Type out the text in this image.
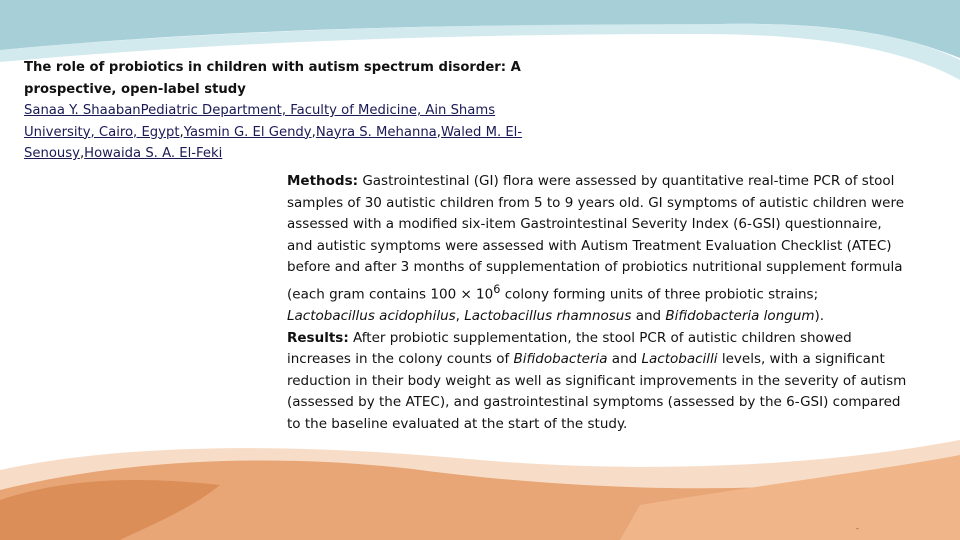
The role of probiotics in children with autism spectrum disorder: A prospective, open-label study
Sanaa Y. ShaabanPediatric Department, Faculty of Medicine, Ain Shams University, Cairo, Egypt,Yasmin G. El Gendy,Nayra S. Mehanna,Waled M. El-Senousy,Howaida S. A. El-Feki

Methods: Gastrointestinal (GI) flora were assessed by quantitative real-time PCR of stool samples of 30 autistic children from 5 to 9 years old. GI symptoms of autistic children were assessed with a modified six-item Gastrointestinal Severity Index (6-GSI) questionnaire, and autistic symptoms were assessed with Autism Treatment Evaluation Checklist (ATEC) before and after 3 months of supplementation of probiotics nutritional supplement formula (each gram contains $100 \times 10^6$ colony forming units of three probiotic strains; Lactobacillus acidophilus, Lactobacillus rhamnosus and Bifidobacteria longum).

Results: After probiotic supplementation, the stool PCR of autistic children showed increases in the colony counts of Bifidobacteria and Lactobacilli levels, with a significant reduction in their body weight as well as significant improvements in the severity of autism (assessed by the ATEC), and gastrointestinal symptoms (assessed by the 6-GSI) compared to the baseline evaluated at the start of the study.

-
